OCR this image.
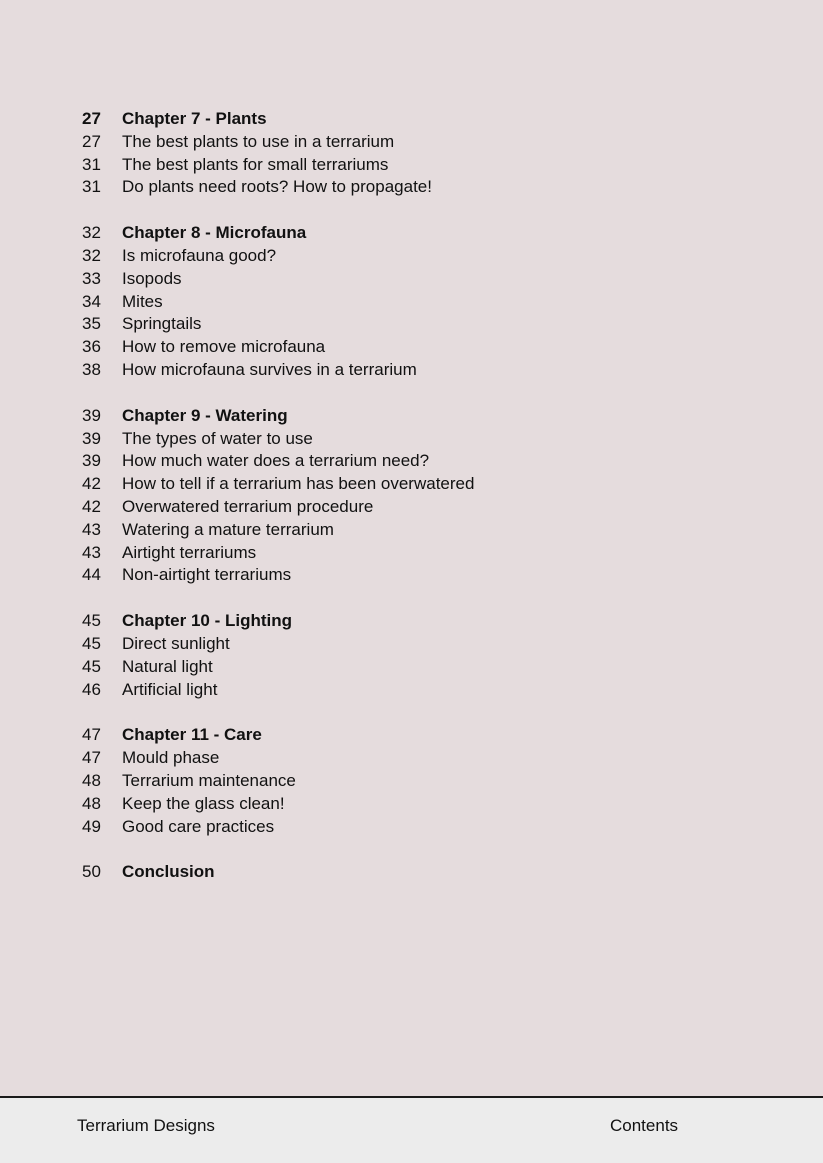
27	Chapter 7 - Plants
27	The best plants to use in a terrarium
31	The best plants for small terrariums
31	Do plants need roots? How to propagate!
32	Chapter 8 - Microfauna
32	Is microfauna good?
33	Isopods
34	Mites
35	Springtails
36	How to remove microfauna
38	How microfauna survives in a terrarium
39	Chapter 9 - Watering
39	The types of water to use
39	How much water does a terrarium need?
42	How to tell if a terrarium has been overwatered
42	Overwatered terrarium procedure
43	Watering a mature terrarium
43	Airtight terrariums
44	Non-airtight terrariums
45	Chapter 10 - Lighting
45	Direct sunlight
45	Natural light
46	Artificial light
47	Chapter 11 - Care
47	Mould phase
48	Terrarium maintenance
48	Keep the glass clean!
49	Good care practices
50	Conclusion
Terrarium Designs	Contents
